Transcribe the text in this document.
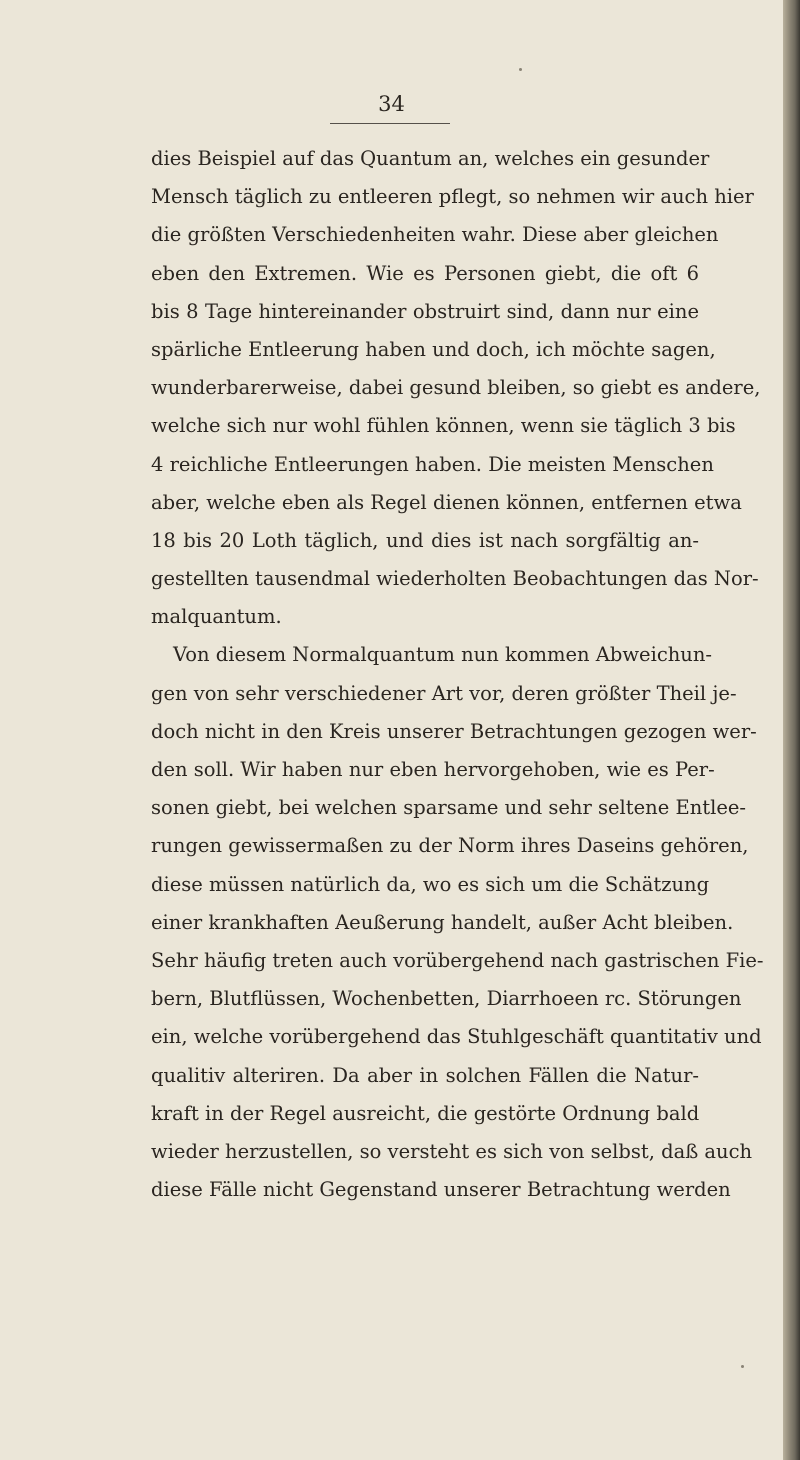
34
dies Beispiel auf das Quantum an, welches ein gesunder
Mensch täglich zu entleeren pflegt, so nehmen wir auch hier
die größten Verschiedenheiten wahr. Diese aber gleichen
eben den Extremen. Wie es Personen giebt, die oft 6
bis 8 Tage hintereinander obstruirt sind, dann nur eine
spärliche Entleerung haben und doch, ich möchte sagen,
wunderbarerweise, dabei gesund bleiben, so giebt es andere,
welche sich nur wohl fühlen können, wenn sie täglich 3 bis
4 reichliche Entleerungen haben. Die meisten Menschen
aber, welche eben als Regel dienen können, entfernen etwa
18 bis 20 Loth täglich, und dies ist nach sorgfältig an-
gestellten tausendmal wiederholten Beobachtungen das Nor-
malquantum.
Von diesem Normalquantum nun kommen Abweichun-
gen von sehr verschiedener Art vor, deren größter Theil je-
doch nicht in den Kreis unserer Betrachtungen gezogen wer-
den soll. Wir haben nur eben hervorgehoben, wie es Per-
sonen giebt, bei welchen sparsame und sehr seltene Entlee-
rungen gewissermaßen zu der Norm ihres Daseins gehören,
diese müssen natürlich da, wo es sich um die Schätzung
einer krankhaften Aeußerung handelt, außer Acht bleiben.
Sehr häufig treten auch vorübergehend nach gastrischen Fie-
bern, Blutflüssen, Wochenbetten, Diarrhoeen rc. Störungen
ein, welche vorübergehend das Stuhlgeschäft quantitativ und
qualitiv alteriren. Da aber in solchen Fällen die Natur-
kraft in der Regel ausreicht, die gestörte Ordnung bald
wieder herzustellen, so versteht es sich von selbst, daß auch
diese Fälle nicht Gegenstand unserer Betrachtung werden
